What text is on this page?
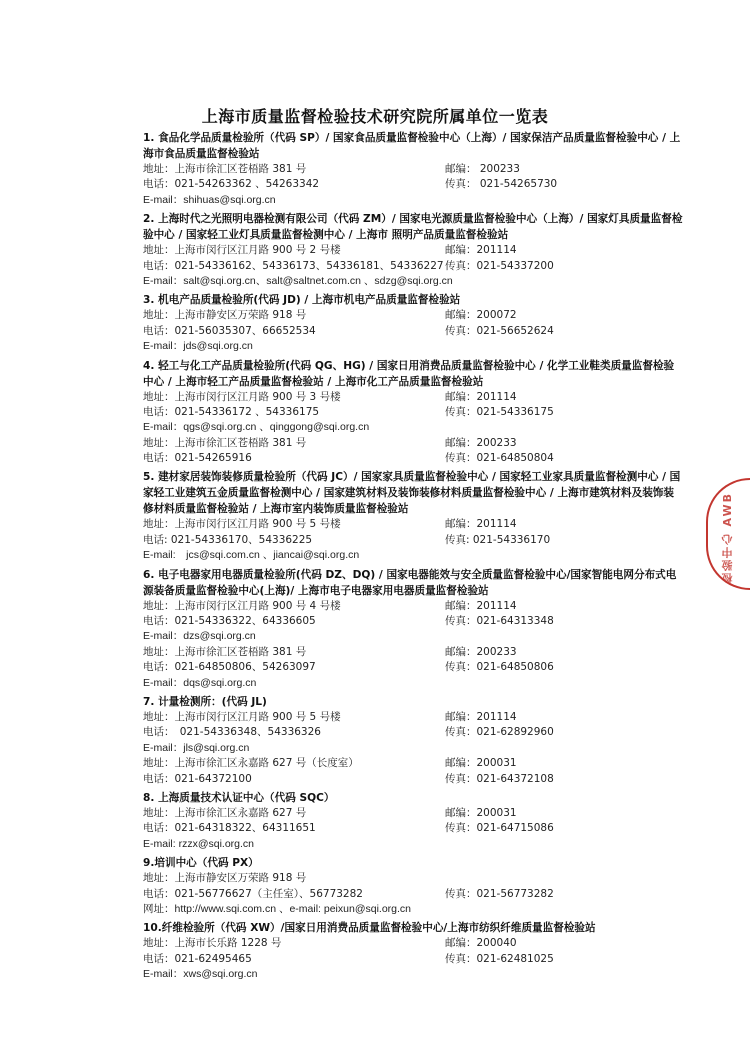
上海市质量监督检验技术研究院所属单位一览表
1. 食品化学品质量检验所（代码 SP）/ 国家食品质量监督检验中心（上海）/ 国家保洁产品质量监督检验中心 / 上海市食品质量监督检验站
地址：上海市徐汇区苍梧路 381 号	邮编： 200233
电话：021-54263362 、54263342	传真： 021-54265730
E-mail：shihuas@sqi.org.cn
2. 上海时代之光照明电器检测有限公司（代码 ZM）/ 国家电光源质量监督检验中心（上海）/ 国家灯具质量监督检验中心 / 国家轻工业灯具质量监督检测中心 / 上海市 照明产品质量监督检验站
地址：上海市闵行区江月路 900 号 2 号楼	邮编：201114
电话：021-54336162、54336173、54336181、54336227 传真：021-54337200
E-mail：salt@sqi.org.cn、salt@saltnet.com.cn 、sdzg@sqi.org.cn
3. 机电产品质量检验所(代码 JD) / 上海市机电产品质量监督检验站
地址：上海市静安区万荣路 918 号	邮编：200072
电话：021-56035307、66652534	传真：021-56652624
E-mail：jds@sqi.org.cn
4. 轻工与化工产品质量检验所(代码 QG、HG) / 国家日用消费品质量监督检验中心 / 化学工业鞋类质量监督检验中心 / 上海市轻工产品质量监督检验站 / 上海市化工产品质量监督检验站
地址：上海市闵行区江月路 900 号 3 号楼	邮编：201114
电话：021-54336172 、54336175	传真：021-54336175
E-mail：qgs@sqi.org.cn 、qinggong@sqi.org.cn
地址：上海市徐汇区苍梧路 381 号	邮编：200233
电话：021-54265916	传真：021-64850804
5. 建材家居装饰装修质量检验所（代码 JC）/ 国家家具质量监督检验中心 / 国家轻工业家具质量监督检测中心 / 国家轻工业建筑五金质量监督检测中心 / 国家建筑材料及装饰装修材料质量监督检验中心 / 上海市建筑材料及装饰装修材料质量监督检验站 / 上海市室内装饰质量监督检验站
地址：上海市闵行区江月路 900 号 5 号楼	邮编：201114
电话: 021-54336170、54336225	传真: 021-54336170
E-mail:　jcs@sqi.com.cn 、jiancai@sqi.org.cn
6. 电子电器家用电器质量检验所(代码 DZ、DQ) / 国家电器能效与安全质量监督检验中心/国家智能电网分布式电源装备质量监督检验中心(上海)/ 上海市电子电器家用电器质量监督检验站
地址：上海市闵行区江月路 900 号 4 号楼	邮编：201114
电话：021-54336322、64336605	传真：021-64313348
E-mail：dzs@sqi.org.cn
地址：上海市徐汇区苍梧路 381 号	邮编：200233
电话：021-64850806、54263097	传真：021-64850806
E-mail：dqs@sqi.org.cn
7. 计量检测所：(代码 JL)
地址：上海市闵行区江月路 900 号 5 号楼	邮编：201114
电话：　021-54336348、54336326	传真：021-62892960
E-mail：jls@sqi.org.cn
地址：上海市徐汇区永嘉路 627 号（长度室）	邮编：200031
电话：021-64372100	传真：021-64372108
8. 上海质量技术认证中心（代码 SQC）
地址：上海市徐汇区永嘉路 627 号	邮编：200031
电话：021-64318322、64311651	传真：021-64715086
E-mail: rzzx@sqi.org.cn
9.培训中心（代码 PX）
地址：上海市静安区万荣路 918 号
电话：021-56776627（主任室）、56773282	传真：021-56773282
网址：http://www.sqi.com.cn 、e-mail: peixun@sqi.org.cn
10.纤维检验所（代码 XW）/国家日用消费品质量监督检验中心/上海市纺织纤维质量监督检验站
地址：上海市长乐路 1228 号	邮编：200040
电话：021-62495465	传真：021-62481025
E-mail：xws@sqi.org.cn
检验中心 AWB
